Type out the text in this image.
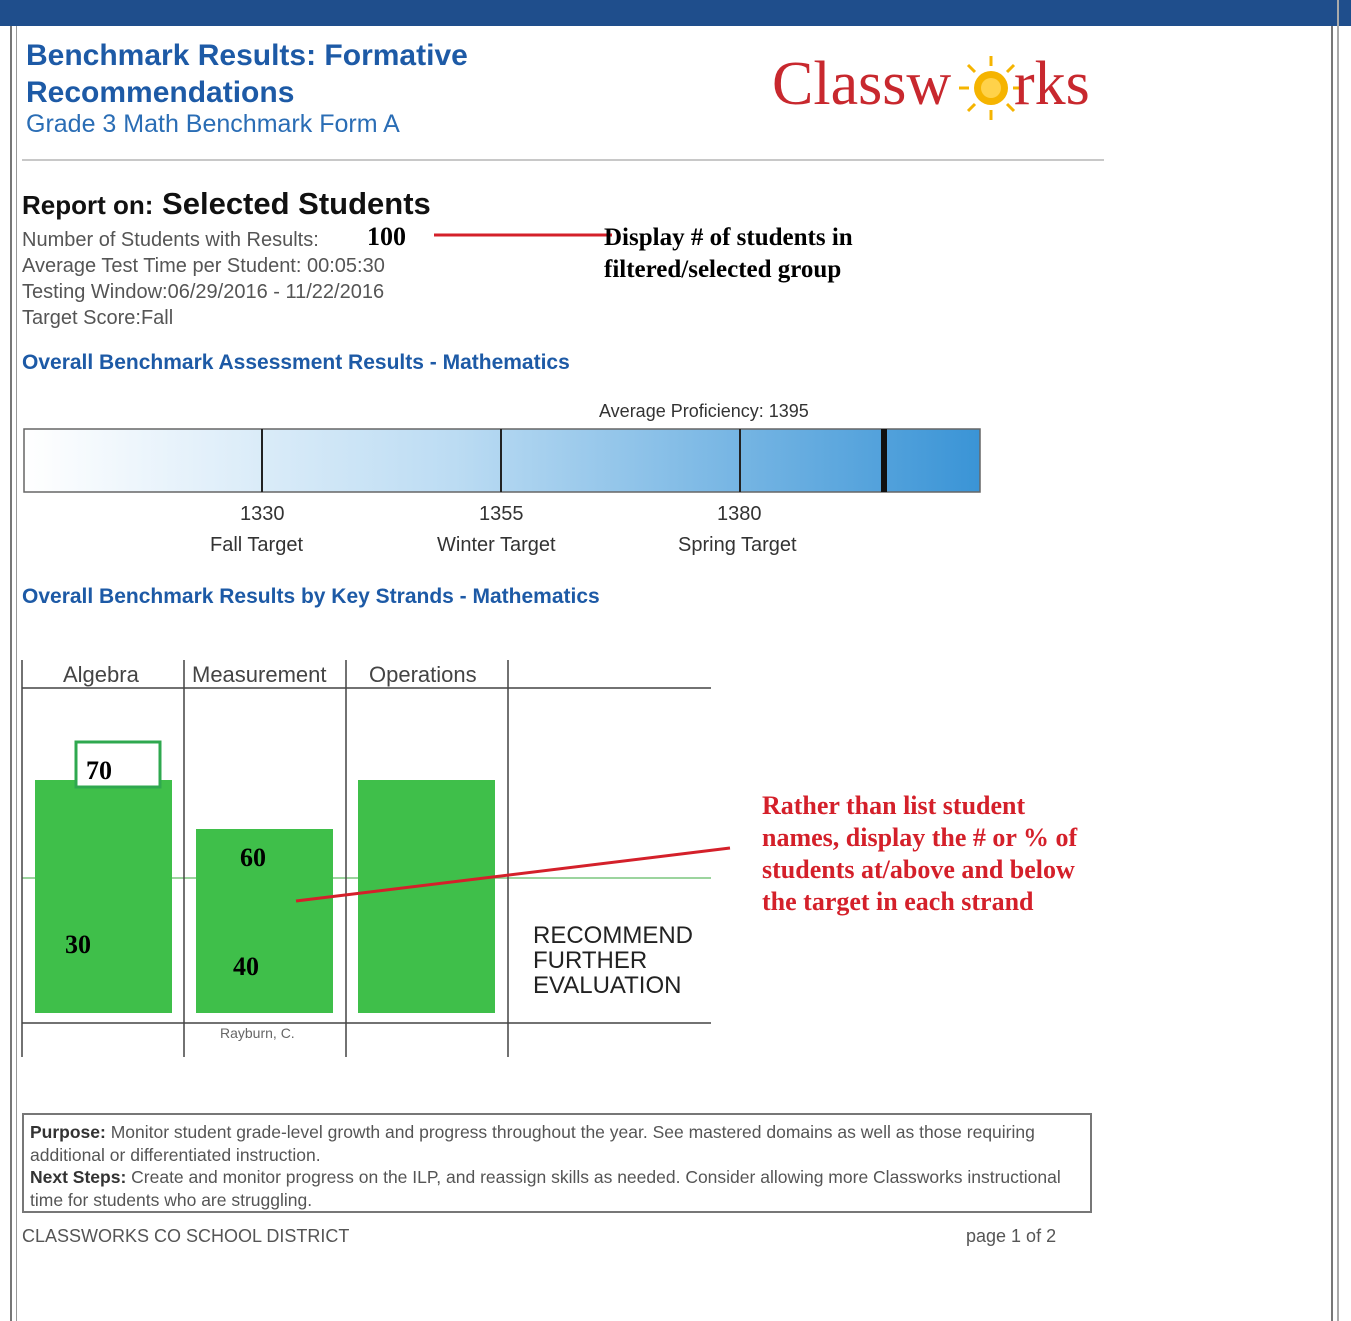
Benchmark Results: Formative Recommendations
Grade 3 Math Benchmark Form A
Classw rks
Report on: Selected Students
Number of Students with Results: 100
Average Test Time per Student: 00:05:30
Testing Window:06/29/2016 - 11/22/2016
Target Score:Fall
Display # of students in filtered/selected group
Overall Benchmark Assessment Results - Mathematics
Average Proficiency: 1395
1330
Fall Target
1355
Winter Target
1380
Spring Target
Overall Benchmark Results by Key Strands - Mathematics
Algebra Measurement Operations
70
30
60
40
Rayburn, C.
RECOMMEND FURTHER EVALUATION
Rather than list student names, display the # or % of students at/above and below the target in each strand
Purpose: Monitor student grade-level growth and progress throughout the year. See mastered domains as well as those requiring additional or differentiated instruction.
Next Steps: Create and monitor progress on the ILP, and reassign skills as needed. Consider allowing more Classworks instructional time for students who are struggling.
CLASSWORKS CO SCHOOL DISTRICT	page 1 of 2
